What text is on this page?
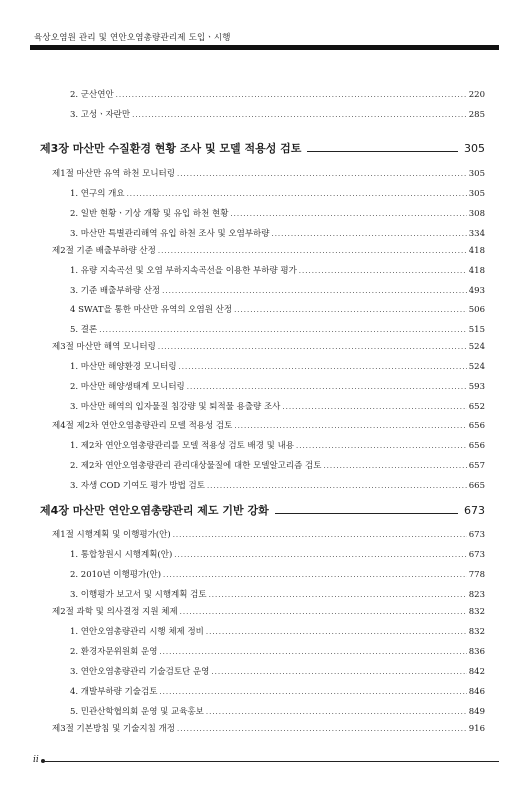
육상오염원 관리 및 연안오염총량관리제 도입ㆍ시행
2. 군산연안 .....	220
3. 고성ㆍ자란만 .....	285
제3장 마산만 수질환경 현황 조사 및 모델 적용성 검토	305
제1절 마산만 유역 하천 모니터링 .....	305
1. 연구의 개요 .....	305
2. 일반 현황ㆍ기상 개황 및 유입 하천 현황 .....	308
3. 마산만 특별관리해역 유입 하천 조사 및 오염부하량 .....	334
제2절 기준 배출부하량 산정 .....	418
1. 유량 지속곡선 및 오염 부하지속곡선을 이용한 부하량 평가 .....	418
3. 기준 배출부하량 산정 .....	493
4 SWAT을 통한 마산만 유역의 오염원 산정 .....	506
5. 결론 .....	515
제3절 마산만 해역 모니터링 .....	524
1. 마산만 해양환경 모니터링 .....	524
2. 마산만 해양생태계 모니터링 .....	593
3. 마산만 해역의 입자물질 침강량 및 퇴적물 용출량 조사 .....	652
제4절 제2차 연안오염총량관리 모델 적용성 검토 .....	656
1. 제2차 연안오염총량관리를 모델 적용성 검토 배경 및 내용 .....	656
2. 제2차 연안오염총량관리 관리대상물질에 대한 모델알고리즘 검토 .....	657
3. 자생 COD 기여도 평가 방법 검토 .....	665
제4장 마산만 연안오염총량관리 제도 기반 강화	673
제1절 시행계획 및 이행평가(안) .....	673
1. 통합창원시 시행계획(안) .....	673
2. 2010년 이행평가(안) .....	778
3. 이행평가 보고서 및 시행계획 검토 .....	823
제2절 과학 및 의사결정 지원 체제 .....	832
1. 연안오염총량관리 시행 체제 정비 .....	832
2. 환경자문위원회 운영 .....	836
3. 연안오염총량관리 기술검토단 운영 .....	842
4. 개발부하량 기술검토 .....	846
5. 민관산학협의회 운영 및 교육홍보 .....	849
제3절 기본방침 및 기술지침 개정 .....	916
ii
